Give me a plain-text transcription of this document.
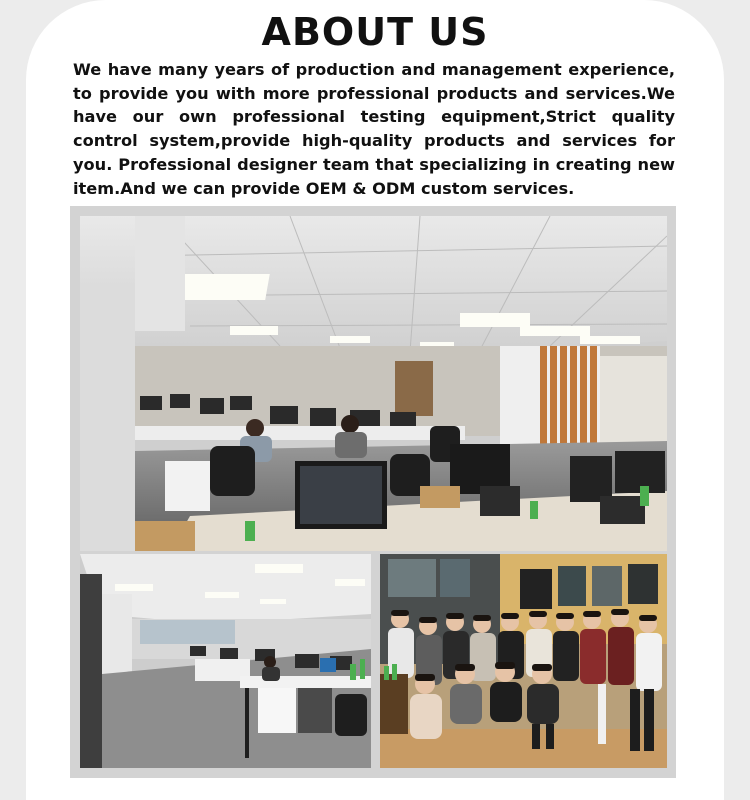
ABOUT US

We have many years of production and management experience, to provide you with more professional products and services.We have our own professional testing equipment,Strict quality control system,provide high-quality products and services for you. Professional designer team that specializing in creating new item.And we can provide OEM & ODM custom services.
